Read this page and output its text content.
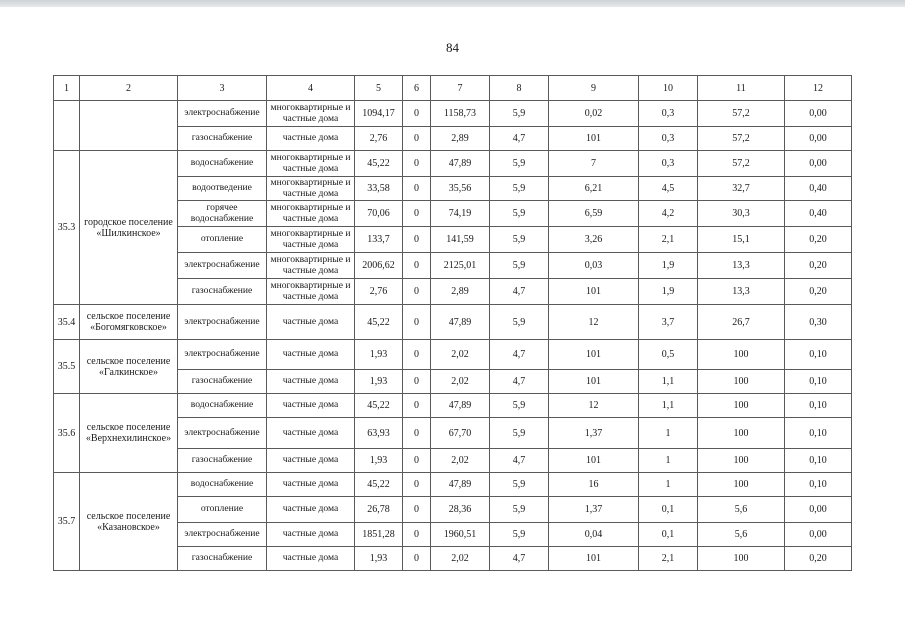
84
1	2	3	4	5	6	7	8	9	10	11	12
		электроснабжение	многоквартирные и частные дома	1094,17	0	1158,73	5,9	0,02	0,3	57,2	0,00
		газоснабжение	частные дома	2,76	0	2,89	4,7	101	0,3	57,2	0,00
35.3	городское поселение «Шилкинское»	водоснабжение	многоквартирные и частные дома	45,22	0	47,89	5,9	7	0,3	57,2	0,00
		водоотведение	многоквартирные и частные дома	33,58	0	35,56	5,9	6,21	4,5	32,7	0,40
		горячее водоснабжение	многоквартирные и частные дома	70,06	0	74,19	5,9	6,59	4,2	30,3	0,40
		отопление	многоквартирные и частные дома	133,7	0	141,59	5,9	3,26	2,1	15,1	0,20
		электроснабжение	многоквартирные и частные дома	2006,62	0	2125,01	5,9	0,03	1,9	13,3	0,20
		газоснабжение	многоквартирные и частные дома	2,76	0	2,89	4,7	101	1,9	13,3	0,20
35.4	сельское поселение «Богомягковское»	электроснабжение	частные дома	45,22	0	47,89	5,9	12	3,7	26,7	0,30
35.5	сельское поселение «Галкинское»	электроснабжение	частные дома	1,93	0	2,02	4,7	101	0,5	100	0,10
		газоснабжение	частные дома	1,93	0	2,02	4,7	101	1,1	100	0,10
35.6	сельское поселение «Верхнехилинское»	водоснабжение	частные дома	45,22	0	47,89	5,9	12	1,1	100	0,10
		электроснабжение	частные дома	63,93	0	67,70	5,9	1,37	1	100	0,10
		газоснабжение	частные дома	1,93	0	2,02	4,7	101	1	100	0,10
35.7	сельское поселение «Казановское»	водоснабжение	частные дома	45,22	0	47,89	5,9	16	1	100	0,10
		отопление	частные дома	26,78	0	28,36	5,9	1,37	0,1	5,6	0,00
		электроснабжение	частные дома	1851,28	0	1960,51	5,9	0,04	0,1	5,6	0,00
		газоснабжение	частные дома	1,93	0	2,02	4,7	101	2,1	100	0,20
